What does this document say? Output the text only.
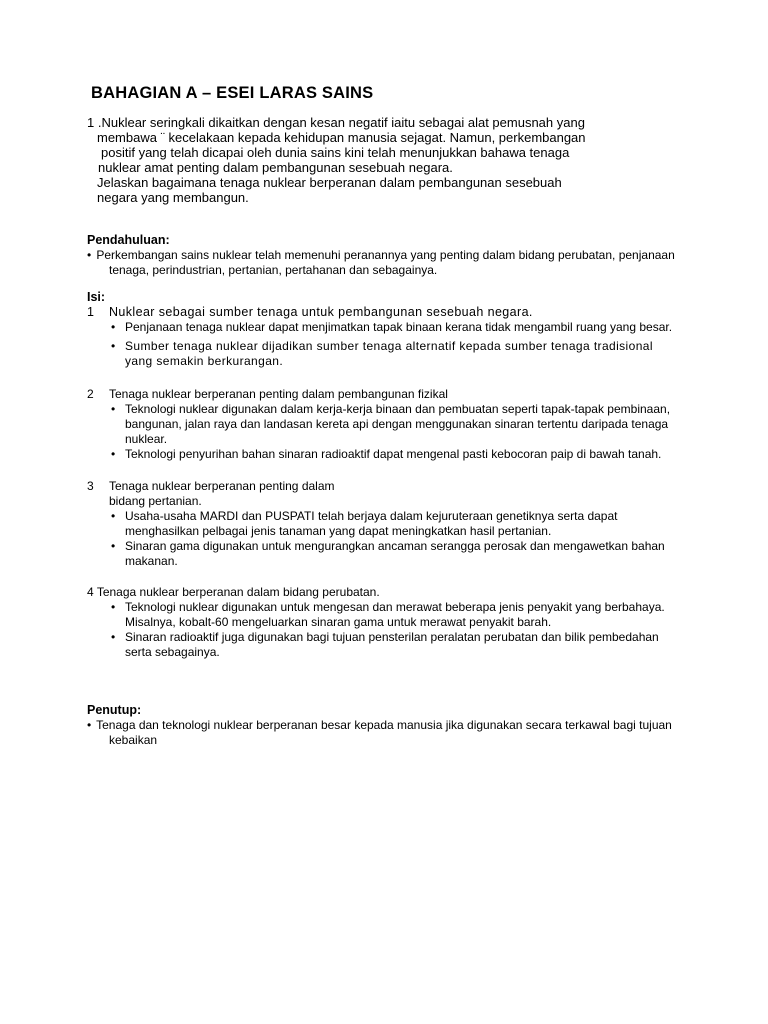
BAHAGIAN A – ESEI LARAS SAINS
1 .Nuklear seringkali dikaitkan dengan kesan negatif iaitu sebagai alat pemusnah yang
membawa ¨ kecelakaan kepada kehidupan manusia sejagat. Namun, perkembangan
positif yang telah dicapai oleh dunia sains kini telah menunjukkan bahawa tenaga
nuklear amat penting dalam pembangunan sesebuah negara.
Jelaskan bagaimana tenaga nuklear berperanan dalam pembangunan sesebuah
negara yang membangun.
Pendahuluan:
• Perkembangan sains nuklear telah memenuhi peranannya yang penting dalam bidang perubatan, penjanaan tenaga, perindustrian, pertanian, pertahanan dan sebagainya.
Isi:
1 Nuklear sebagai sumber tenaga untuk pembangunan sesebuah negara.
• Penjanaan tenaga nuklear dapat menjimatkan tapak binaan kerana tidak mengambil ruang yang besar.
• Sumber tenaga nuklear dijadikan sumber tenaga alternatif kepada sumber tenaga tradisional yang semakin berkurangan.
2 Tenaga nuklear berperanan penting dalam pembangunan fizikal
• Teknologi nuklear digunakan dalam kerja-kerja binaan dan pembuatan seperti tapak-tapak pembinaan, bangunan, jalan raya dan landasan kereta api dengan menggunakan sinaran tertentu daripada tenaga nuklear.
• Teknologi penyurihan bahan sinaran radioaktif dapat mengenal pasti kebocoran paip di bawah tanah.
3 Tenaga nuklear berperanan penting dalam
bidang pertanian.
• Usaha-usaha MARDI dan PUSPATI telah berjaya dalam kejuruteraan genetiknya serta dapat menghasilkan pelbagai jenis tanaman yang dapat meningkatkan hasil pertanian.
• Sinaran gama digunakan untuk mengurangkan ancaman serangga perosak dan mengawetkan bahan makanan.
4 Tenaga nuklear berperanan dalam bidang perubatan.
• Teknologi nuklear digunakan untuk mengesan dan merawat beberapa jenis penyakit yang berbahaya. Misalnya, kobalt-60 mengeluarkan sinaran gama untuk merawat penyakit barah.
• Sinaran radioaktif juga digunakan bagi tujuan pensterilan peralatan perubatan dan bilik pembedahan serta sebagainya.
Penutup:
• Tenaga dan teknologi nuklear berperanan besar kepada manusia jika digunakan secara terkawal bagi tujuan kebaikan
